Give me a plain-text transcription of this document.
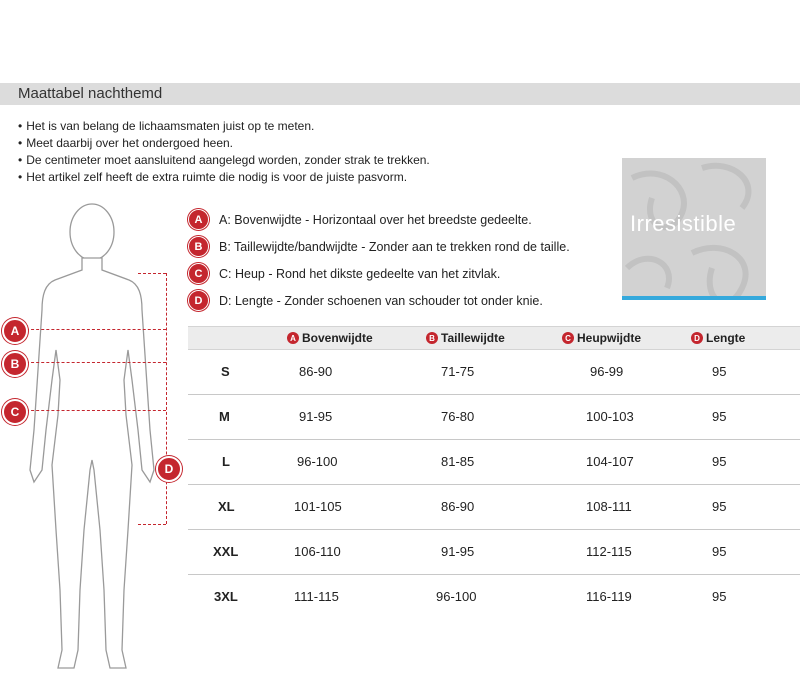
Maattabel nachthemd
• Het is van belang de lichaamsmaten juist op te meten.
• Meet daarbij over het ondergoed heen.
• De centimeter moet aansluitend aangelegd worden, zonder strak te trekken.
• Het artikel zelf heeft de extra ruimte die nodig is voor de juiste pasvorm.
A	A: Bovenwijdte - Horizontaal over het breedste gedeelte.
B	B: Taillewijdte/bandwijdte - Zonder aan te trekken rond de taille.
C	C: Heup - Rond het dikste gedeelte van het zitvlak.
D	D: Lengte - Zonder schoenen van schouder tot onder knie.
Irresistible
A
B
C
D
A Bovenwijdte	B Taillewijdte	C Heupwijdte	D Lengte
S	86-90	71-75	96-99	95
M	91-95	76-80	100-103	95
L	96-100	81-85	104-107	95
XL	101-105	86-90	108-111	95
XXL	106-110	91-95	112-115	95
3XL	111-115	96-100	116-119	95
